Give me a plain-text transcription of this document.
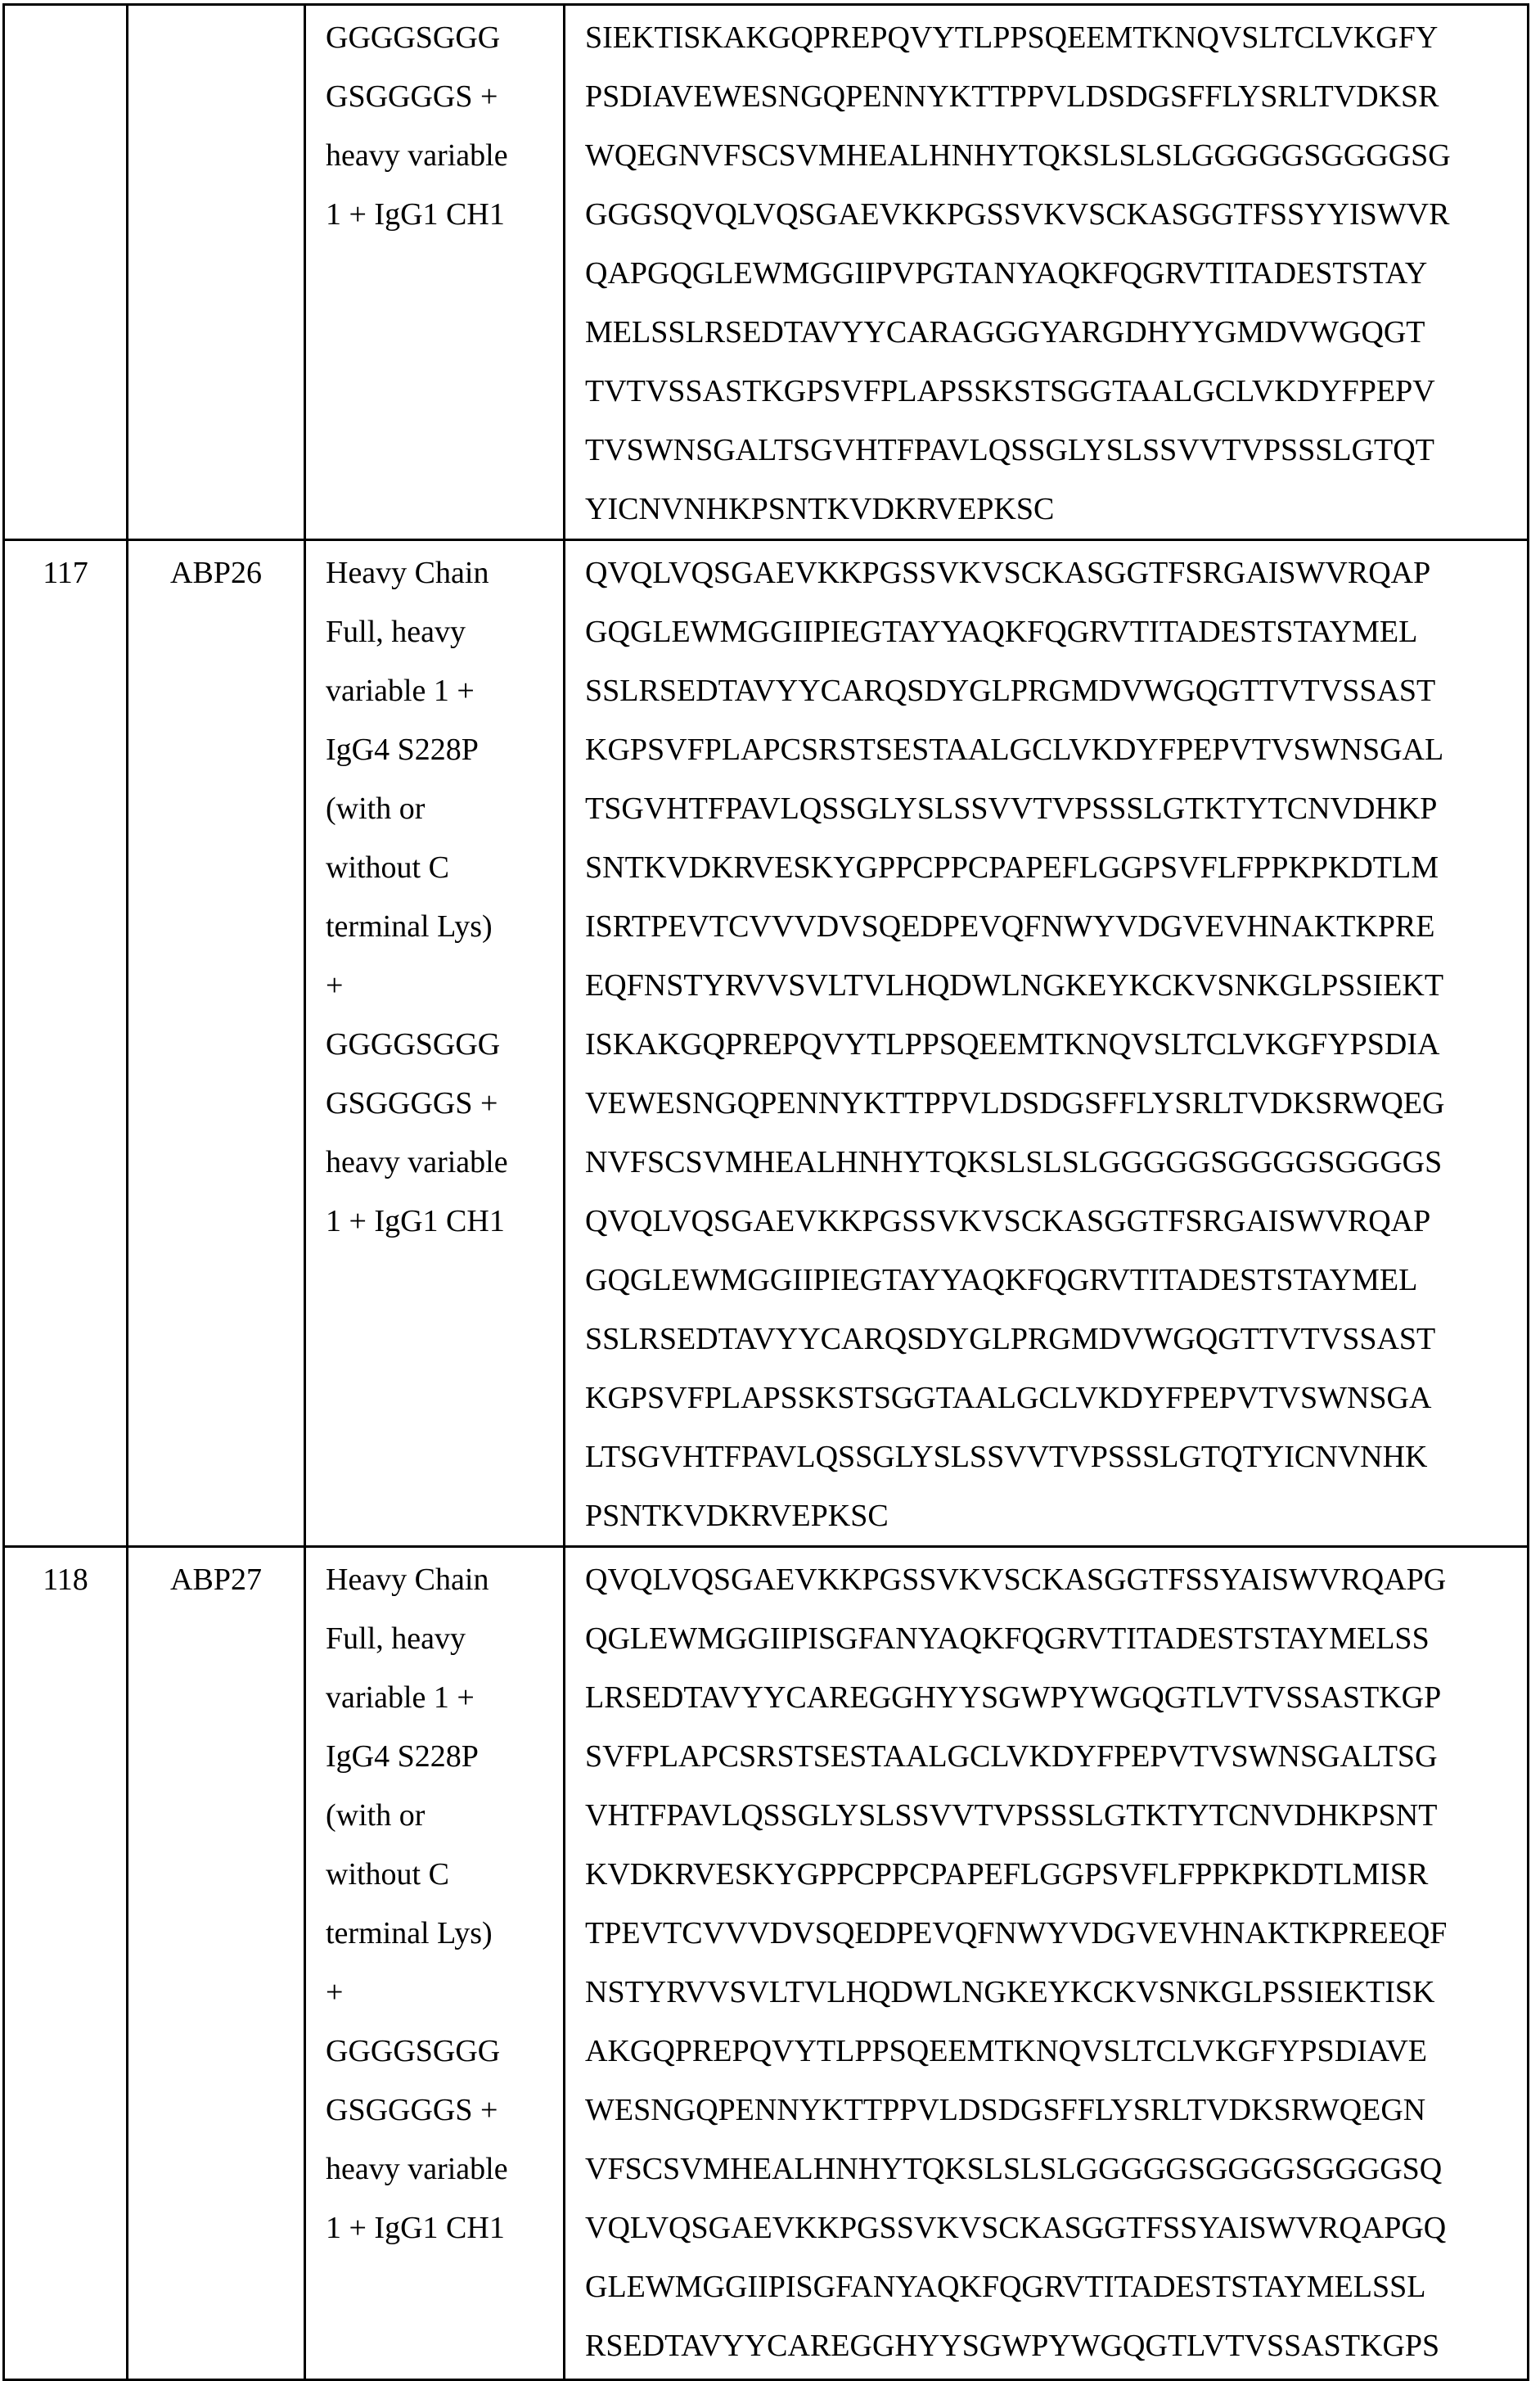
GGGGSGGG
GSGGGGS +
heavy variable
1 + IgG1 CH1

SIEKTISKAKGQPREPQVYTLPPSQEEMTKNQVSLTCLVKGFY
PSDIAVEWESNGQPENNYKTTPPVLDSDGSFFLYSRLTVDKSR
WQEGNVFSCSVMHEALHNHYTQKSLSLSLGGGGGSGGGGSG
GGGSQVQLVQSGAEVKKPGSSVKVSCKASGGTFSSYYISWVR
QAPGQGLEWMGGIIPVPGTANYAQKFQGRVTITADESTSTAY
MELSSLRSEDTAVYYCARAGGGYARGDHYYGMDVWGQGT
TVTVSSASTKGPSVFPLAPSSKSTSGGTAALGCLVKDYFPEPV
TVSWNSGALTSGVHTFPAVLQSSGLYSLSSVVTVPSSSLGTQT
YICNVNHKPSNTKVDKRVEPKSC

117	ABP26	Heavy Chain
Full, heavy
variable 1 +
IgG4 S228P
(with or
without C
terminal Lys)
+
GGGGSGGG
GSGGGGS +
heavy variable
1 + IgG1 CH1

QVQLVQSGAEVKKPGSSVKVSCKASGGTFSRGAISWVRQAP
GQGLEWMGGIIPIEGTAYYAQKFQGRVTITADESTSTAYMEL
SSLRSEDTAVYYCARQSDYGLPRGMDVWGQGTTVTVSSAST
KGPSVFPLAPCSRSTSESTAALGCLVKDYFPEPVTVSWNSGAL
TSGVHTFPAVLQSSGLYSLSSVVTVPSSSLGTKTYTCNVDHKP
SNTKVDKRVESKYGPPCPPCPAPEFLGGPSVFLFPPKPKDTLM
ISRTPEVTCVVVDVSQEDPEVQFNWYVDGVEVHNAKTKPRE
EQFNSTYRVVSVLTVLHQDWLNGKEYKCKVSNKGLPSSIEKT
ISKAKGQPREPQVYTLPPSQEEMTKNQVSLTCLVKGFYPSDIA
VEWESNGQPENNYKTTPPVLDSDGSFFLYSRLTVDKSRWQEG
NVFSCSVMHEALHNHYTQKSLSLSLGGGGGSGGGGSGGGGS
QVQLVQSGAEVKKPGSSVKVSCKASGGTFSRGAISWVRQAP
GQGLEWMGGIIPIEGTAYYAQKFQGRVTITADESTSTAYMEL
SSLRSEDTAVYYCARQSDYGLPRGMDVWGQGTTVTVSSAST
KGPSVFPLAPSSKSTSGGTAALGCLVKDYFPEPVTVSWNSGA
LTSGVHTFPAVLQSSGLYSLSSVVTVPSSSLGTQTYICNVNHK
PSNTKVDKRVEPKSC

118	ABP27	Heavy Chain
Full, heavy
variable 1 +
IgG4 S228P
(with or
without C
terminal Lys)
+
GGGGSGGG
GSGGGGS +
heavy variable
1 + IgG1 CH1

QVQLVQSGAEVKKPGSSVKVSCKASGGTFSSYAISWVRQAPG
QGLEWMGGIIPISGFANYAQKFQGRVTITADESTSTAYMELSS
LRSEDTAVYYCAREGGHYYSGWPYWGQGTLVTVSSASTKGP
SVFPLAPCSRSTSESTAALGCLVKDYFPEPVTVSWNSGALTSG
VHTFPAVLQSSGLYSLSSVVTVPSSSLGTKTYTCNVDHKPSNT
KVDKRVESKYGPPCPPCPAPEFLGGPSVFLFPPKPKDTLMISR
TPEVTCVVVDVSQEDPEVQFNWYVDGVEVHNAKTKPREEQF
NSTYRVVSVLTVLHQDWLNGKEYKCKVSNKGLPSSIEKTISK
AKGQPREPQVYTLPPSQEEMTKNQVSLTCLVKGFYPSDIAVE
WESNGQPENNYKTTPPVLDSDGSFFLYSRLTVDKSRWQEGN
VFSCSVMHEALHNHYTQKSLSLSLGGGGGSGGGGSGGGGSQ
VQLVQSGAEVKKPGSSVKVSCKASGGTFSSYAISWVRQAPGQ
GLEWMGGIIPISGFANYAQKFQGRVTITADESTSTAYMELSSL
RSEDTAVYYCAREGGHYYSGWPYWGQGTLVTVSSASTKGPS
